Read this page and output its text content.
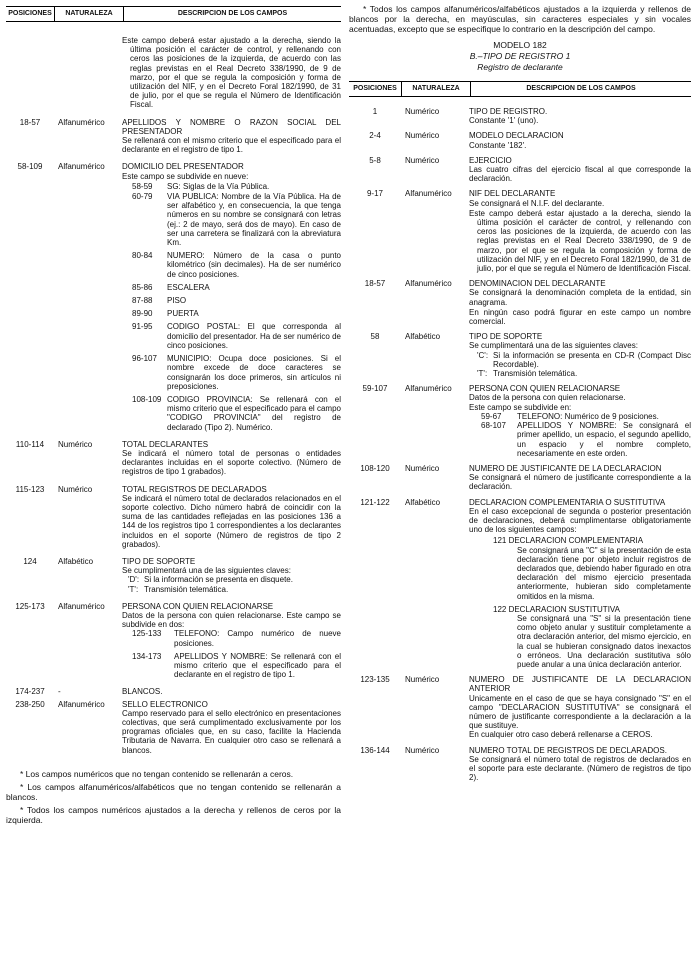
POSICIONES	NATURALEZA	DESCRIPCION DE LOS CAMPOS
Este campo deberá estar ajustado a la derecha, siendo la última posición el carácter de control, y rellenando con ceros las posiciones de la izquierda, de acuerdo con las reglas previstas en el Real Decreto 338/1990, de 9 de marzo, por el que se regula la composición y forma de utilización del NIF, y en el Decreto Foral 182/1990, de 31 de julio, por el que se regula el Número de Identificación Fiscal.
18-57	Alfanumérico	APELLIDOS Y NOMBRE O RAZON SOCIAL DEL PRESENTADOR
Se rellenará con el mismo criterio que el especificado para el declarante en el registro de tipo 1.
58-109	Alfanumérico	DOMICILIO DEL PRESENTADOR
Este campo se subdivide en nueve:
58-59	SG: Siglas de la Vía Pública.
60-79	VIA PUBLICA: Nombre de la Vía Pública. Ha de ser alfabético y, en consecuencia, la que tenga números en su nombre se consignará con letras (ej.: 2 de mayo, será dos de mayo). En caso de ser una carretera se finalizará con la abreviatura Km.
80-84	NUMERO: Número de la casa o punto kilométrico (sin decimales). Ha de ser numérico de cinco posiciones.
85-86	ESCALERA
87-88	PISO
89-90	PUERTA
91-95	CODIGO POSTAL: El que corresponda al domicilio del presentador. Ha de ser numérico de cinco posiciones.
96-107	MUNICIPIO: Ocupa doce posiciones. Si el nombre excede de doce caracteres se consignarán los doce primeros, sin artículos ni preposiciones.
108-109 CODIGO PROVINCIA: Se rellenará con el mismo criterio que el especificado para el campo "CODIGO PROVINCIA" del registro de declarado (Tipo 2). Numérico.
110-114	Numérico	TOTAL DECLARANTES
Se indicará el número total de personas o entidades declarantes incluidas en el soporte colectivo. (Número de registros de tipo 1 grabados).
115-123	Numérico	TOTAL REGISTROS DE DECLARADOS
Se indicará el número total de declarados relacionados en el soporte colectivo. Dicho número habrá de coincidir con la suma de las cantidades reflejadas en las posiciones 136 a 144 de los registros tipo 1 correspondientes a los declarantes incluidos en el soporte (Número de registros de tipo 2 grabados).
124	Alfabético	TIPO DE SOPORTE
Se cumplimentará una de las siguientes claves:
'D': Si la información se presenta en disquete.
'T': Transmisión telemática.
125-173	Alfanumérico	PERSONA CON QUIEN RELACIONARSE
Datos de la persona con quien relacionarse. Este campo se subdivide en dos:
125-133	TELEFONO: Campo numérico de nueve posiciones.
134-173	APELLIDOS Y NOMBRE: Se rellenará con el mismo criterio que el especificado para el declarante en el registro de tipo 1.
174-237	-	BLANCOS.
238-250	Alfanumérico	SELLO ELECTRONICO
Campo reservado para el sello electrónico en presentaciones colectivas, que será cumplimentado exclusivamente por los programas oficiales que, en su caso, facilite la Hacienda Tributaria de Navarra. En cualquier otro caso se rellenará a blancos.
* Los campos numéricos que no tengan contenido se rellenarán a ceros.
* Los campos alfanuméricos/alfabéticos que no tengan contenido se rellenarán a blancos.
* Todos los campos numéricos ajustados a la derecha y rellenos de ceros por la izquierda.
* Todos los campos alfanuméricos/alfabéticos ajustados a la izquierda y rellenos de blancos por la derecha, en mayúsculas, sin caracteres especiales y sin vocales acentuadas, excepto que se especifique lo contrario en la descripción del campo.
MODELO 182
B.–TIPO DE REGISTRO 1
Registro de declarante
POSICIONES	NATURALEZA	DESCRIPCION DE LOS CAMPOS
1	Numérico	TIPO DE REGISTRO.
Constante '1' (uno).
2-4	Numérico	MODELO DECLARACION
Constante '182'.
5-8	Numérico	EJERCICIO
Las cuatro cifras del ejercicio fiscal al que corresponde la declaración.
9-17	Alfanumérico	NIF DEL DECLARANTE
Se consignará el N.I.F. del declarante.
Este campo deberá estar ajustado a la derecha, siendo la última posición el carácter de control, y rellenando con ceros las posiciones de la izquierda, de acuerdo con las reglas previstas en el Real Decreto 338/1990, de 9 de marzo, por el que se regula la composición y forma de utilización del NIF, y en el Decreto Foral 182/1990, de 31 de julio, por el que se regula el Número de Identificación Fiscal.
18-57	Alfanumérico	DENOMINACION DEL DECLARANTE
Se consignará la denominación completa de la entidad, sin anagrama.
En ningún caso podrá figurar en este campo un nombre comercial.
58	Alfabético	TIPO DE SOPORTE
Se cumplimentará una de las siguientes claves:
'C': Si la información se presenta en CD-R (Compact Disc Recordable).
'T': Transmisión telemática.
59-107	Alfanumérico	PERSONA CON QUIEN RELACIONARSE
Datos de la persona con quien relacionarse.
Este campo se subdivide en:
59-67	TELEFONO: Numérico de 9 posiciones.
68-107	APELLIDOS Y NOMBRE: Se consignará el primer apellido, un espacio, el segundo apellido, un espacio y el nombre completo, necesariamente en este orden.
108-120	Numérico	NUMERO DE JUSTIFICANTE DE LA DECLARACION
Se consignará el número de justificante correspondiente a la declaración.
121-122	Alfabético	DECLARACION COMPLEMENTARIA O SUSTITUTIVA
En el caso excepcional de segunda o posterior presentación de declaraciones, deberá cumplimentarse obligatoriamente uno de los siguientes campos:
121 DECLARACION COMPLEMENTARIA
Se consignará una "C" si la presentación de esta declaración tiene por objeto incluir registros de declarados que, debiendo haber figurado en otra declaración del mismo ejercicio presentada anteriormente, hubieran sido completamente omitidos en la misma.
122 DECLARACION SUSTITUTIVA
Se consignará una "S" si la presentación tiene como objeto anular y sustituir completamente a otra declaración anterior, del mismo ejercicio, en la cual se hubieran consignado datos inexactos o erróneos. Una declaración sustitutiva sólo puede anular a una única declaración anterior.
123-135	Numérico	NUMERO DE JUSTIFICANTE DE LA DECLARACION ANTERIOR
Unicamente en el caso de que se haya consignado "S" en el campo "DECLARACION SUSTITUTIVA" se consignará el número de justificante correspondiente a la declaración a la que sustituye.
En cualquier otro caso deberá rellenarse a CEROS.
136-144	Numérico	NUMERO TOTAL DE REGISTROS DE DECLARADOS.
Se consignará el número total de registros de declarados en el soporte para este declarante. (Número de registros de tipo 2).
